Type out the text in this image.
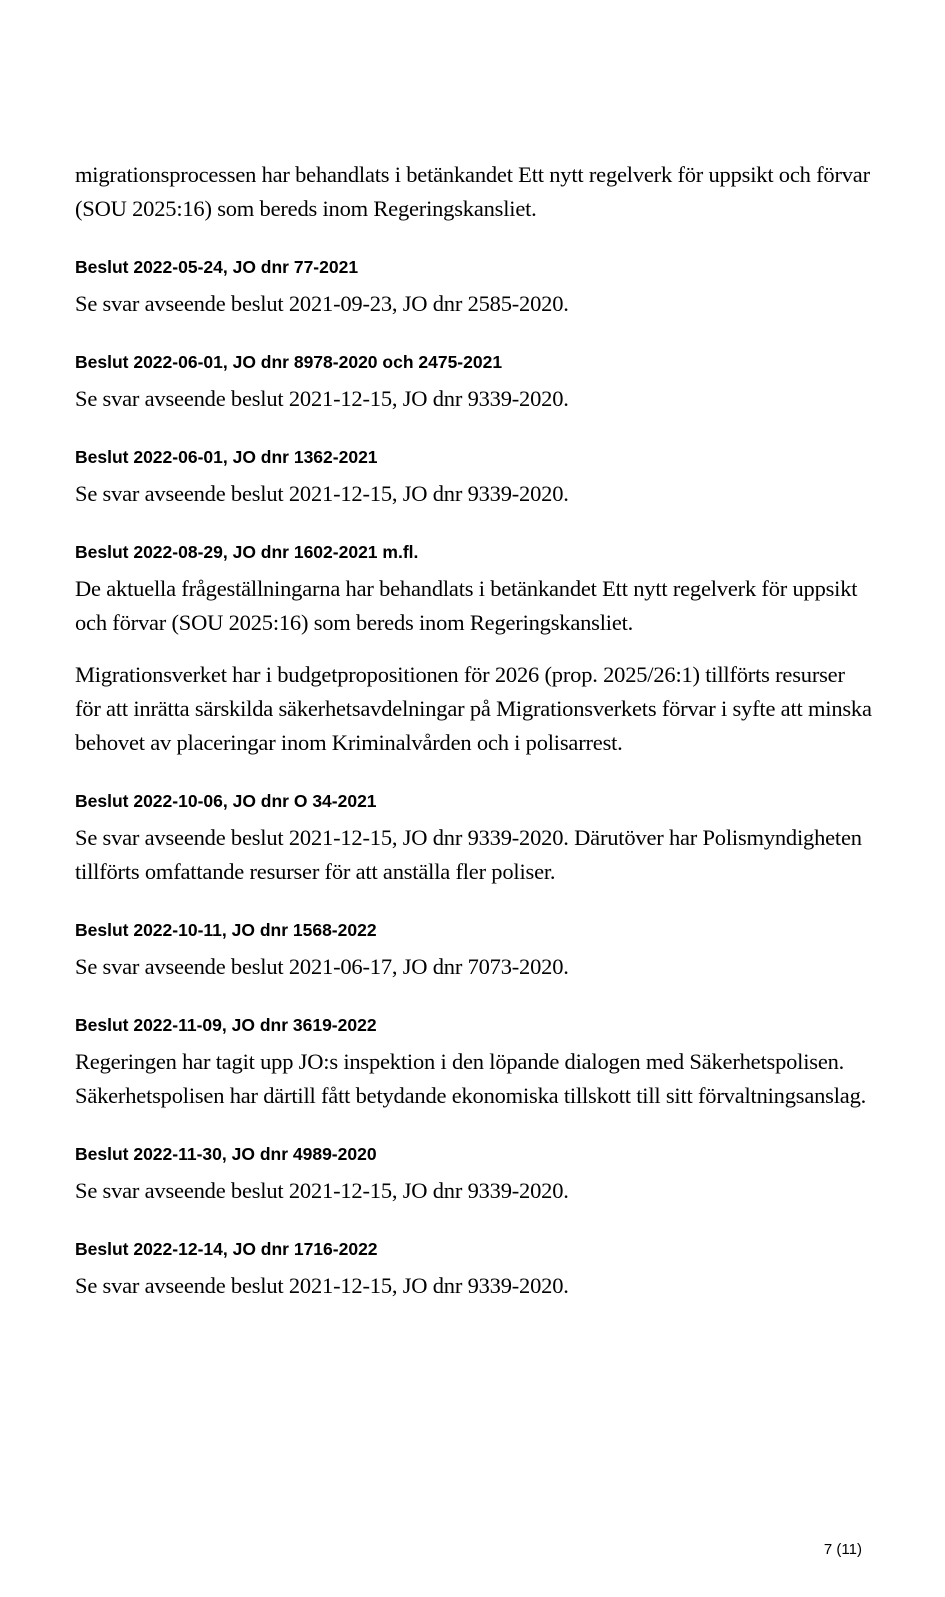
migrationsprocessen har behandlats i betänkandet Ett nytt regelverk för uppsikt och förvar (SOU 2025:16) som bereds inom Regeringskansliet.

Beslut 2022-05-24, JO dnr 77-2021

Se svar avseende beslut 2021-09-23, JO dnr 2585-2020.

Beslut 2022-06-01, JO dnr 8978-2020 och 2475-2021

Se svar avseende beslut 2021-12-15, JO dnr 9339-2020.

Beslut 2022-06-01, JO dnr 1362-2021

Se svar avseende beslut 2021-12-15, JO dnr 9339-2020.

Beslut 2022-08-29, JO dnr 1602-2021 m.fl.

De aktuella frågeställningarna har behandlats i betänkandet Ett nytt regelverk för uppsikt och förvar (SOU 2025:16) som bereds inom Regeringskansliet.

Migrationsverket har i budgetpropositionen för 2026 (prop. 2025/26:1) tillförts resurser för att inrätta särskilda säkerhetsavdelningar på Migrationsverkets förvar i syfte att minska behovet av placeringar inom Kriminalvården och i polisarrest.

Beslut 2022-10-06, JO dnr O 34-2021

Se svar avseende beslut 2021-12-15, JO dnr 9339-2020. Därutöver har Polismyndigheten tillförts omfattande resurser för att anställa fler poliser.

Beslut 2022-10-11, JO dnr 1568-2022

Se svar avseende beslut 2021-06-17, JO dnr 7073-2020.

Beslut 2022-11-09, JO dnr 3619-2022

Regeringen har tagit upp JO:s inspektion i den löpande dialogen med Säkerhetspolisen. Säkerhetspolisen har därtill fått betydande ekonomiska tillskott till sitt förvaltningsanslag.

Beslut 2022-11-30, JO dnr 4989-2020

Se svar avseende beslut 2021-12-15, JO dnr 9339-2020.

Beslut 2022-12-14, JO dnr 1716-2022

Se svar avseende beslut 2021-12-15, JO dnr 9339-2020.

7 (11)
